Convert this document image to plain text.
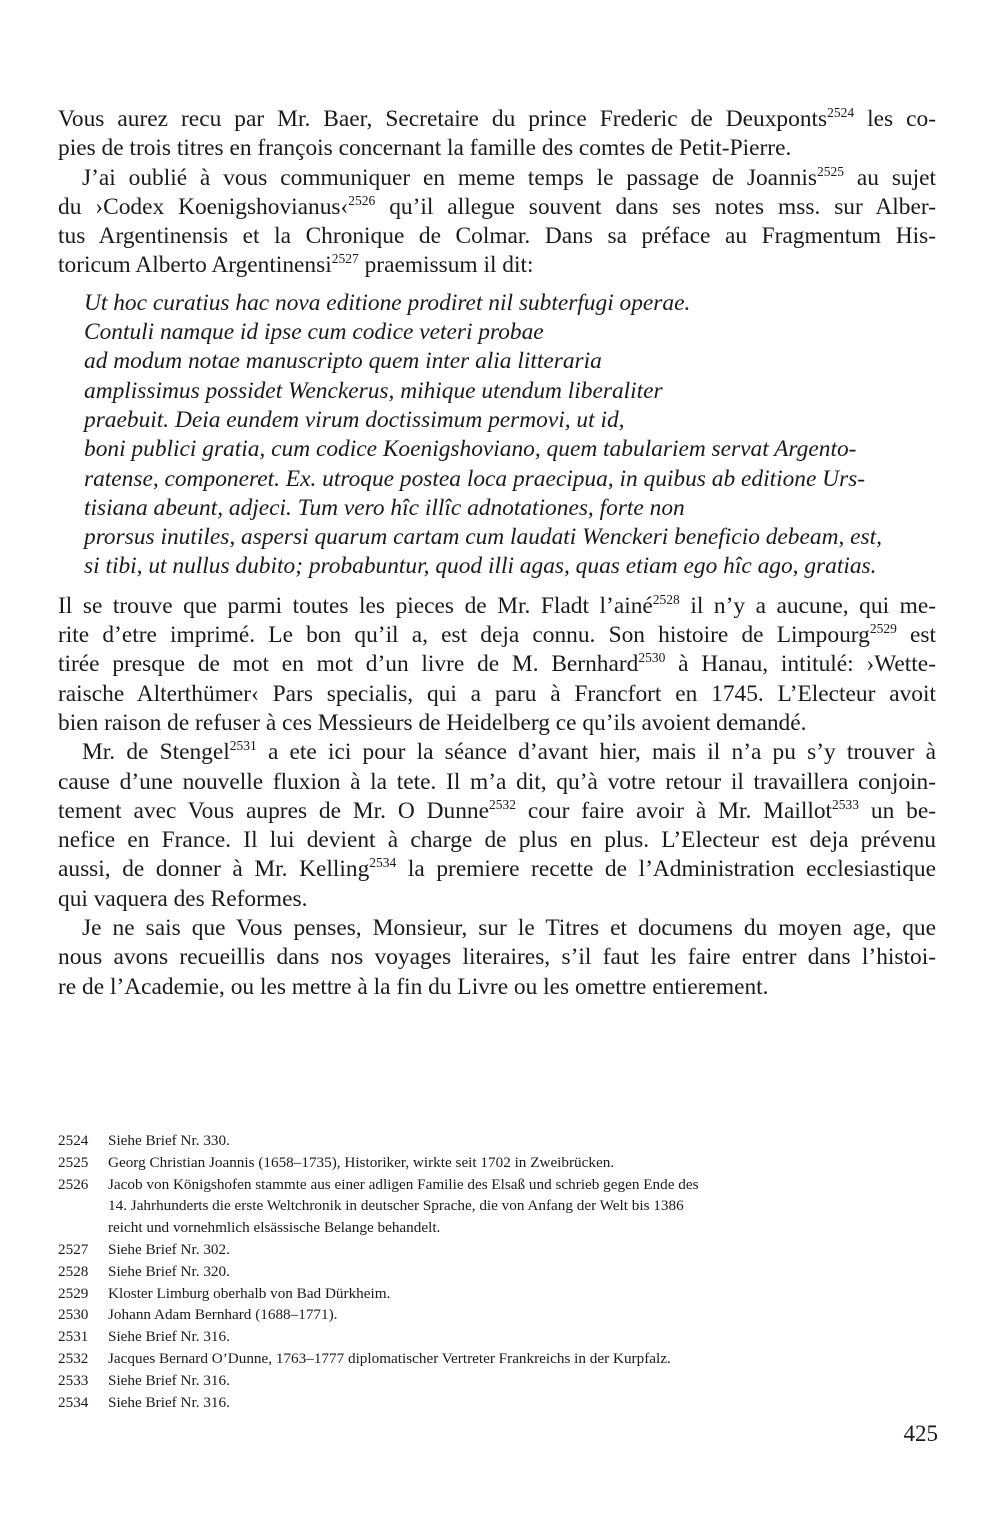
Vous aurez recu par Mr. Baer, Secretaire du prince Frederic de Deuxponts$^{2524}$ les co-
pies de trois titres en françois concernant la famille des comtes de Petit-Pierre.
J’ai oublié à vous communiquer en meme temps le passage de Joannis$^{2525}$ au sujet
du ›Codex Koenigshovianus‹$^{2526}$ qu’il allegue souvent dans ses notes mss. sur Alber-
tus Argentinensis et la Chronique de Colmar. Dans sa préface au Fragmentum His-
toricum Alberto Argentinensi$^{2527}$ praemissum il dit:
Ut hoc curatius hac nova editione prodiret nil subterfugi operae.
Contuli namque id ipse cum codice veteri probae
ad modum notae manuscripto quem inter alia litteraria
amplissimus possidet Wenckerus, mihique utendum liberaliter
praebuit. Deia eundem virum doctissimum permovi, ut id,
boni publici gratia, cum codice Koenigshoviano, quem tabulariem servat Argento-
ratense, componeret. Ex. utroque postea loca praecipua, in quibus ab editione Urs-
tisiana abeunt, adjeci. Tum vero hîc illîc adnotationes, forte non
prorsus inutiles, aspersi quarum cartam cum laudati Wenckeri beneficio debeam, est,
si tibi, ut nullus dubito; probabuntur, quod illi agas, quas etiam ego hîc ago, gratias.
Il se trouve que parmi toutes les pieces de Mr. Fladt l’ainé$^{2528}$ il n’y a aucune, qui me-
rite d’etre imprimé. Le bon qu’il a, est deja connu. Son histoire de Limpourg$^{2529}$ est
tirée presque de mot en mot d’un livre de M. Bernhard$^{2530}$ à Hanau, intitulé: ›Wette-
raische Alterthümer‹ Pars specialis, qui a paru à Francfort en 1745. L’Electeur avoit
bien raison de refuser à ces Messieurs de Heidelberg ce qu’ils avoient demandé.
Mr. de Stengel$^{2531}$ a ete ici pour la séance d’avant hier, mais il n’a pu s’y trouver à
cause d’une nouvelle fluxion à la tete. Il m’a dit, qu’à votre retour il travaillera conjoin-
tement avec Vous aupres de Mr. O Dunne$^{2532}$ cour faire avoir à Mr. Maillot$^{2533}$ un be-
nefice en France. Il lui devient à charge de plus en plus. L’Electeur est deja prévenu
aussi, de donner à Mr. Kelling$^{2534}$ la premiere recette de l’Administration ecclesiastique
qui vaquera des Reformes.
Je ne sais que Vous penses, Monsieur, sur le Titres et documens du moyen age, que
nous avons recueillis dans nos voyages literaires, s’il faut les faire entrer dans l’histoi-
re de l’Academie, ou les mettre à la fin du Livre ou les omettre entierement.
2524	Siehe Brief Nr. 330.
2525	Georg Christian Joannis (1658–1735), Historiker, wirkte seit 1702 in Zweibrücken.
2526	Jacob von Königshofen stammte aus einer adligen Familie des Elsaß und schrieb gegen Ende des
14. Jahrhunderts die erste Weltchronik in deutscher Sprache, die von Anfang der Welt bis 1386
reicht und vornehmlich elsässische Belange behandelt.
2527	Siehe Brief Nr. 302.
2528	Siehe Brief Nr. 320.
2529	Kloster Limburg oberhalb von Bad Dürkheim.
2530	Johann Adam Bernhard (1688–1771).
2531	Siehe Brief Nr. 316.
2532	Jacques Bernard O’Dunne, 1763–1777 diplomatischer Vertreter Frankreichs in der Kurpfalz.
2533	Siehe Brief Nr. 316.
2534	Siehe Brief Nr. 316.
425
